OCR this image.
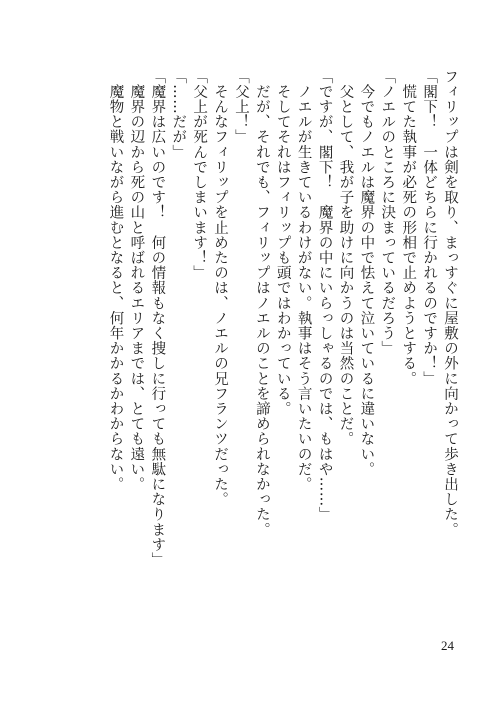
フィリップは剣を取り、まっすぐに屋敷の外に向かって歩き出した。
「閣下！　一体どちらに行かれるのですか！」
　慌てた執事が必死の形相で止めようとする。
「ノエルのところに決まっているだろう」
　今でもノエルは魔界の中で怯えて泣いているに違いない。
　父として、我が子を助けに向かうのは当然のことだ。
「ですが、閣下！　魔界の中にいらっしゃるのでは、もはや……」
　ノエルが生きているわけがない。執事はそう言いたいのだ。
　そしてそれはフィリップも頭ではわかっている。
　だが、それでも、フィリップはノエルのことを諦められなかった。
「父上！」
　そんなフィリップを止めたのは、ノエルの兄フランツだった。
「父上が死んでしまいます！」
「……だが」
「魔界は広いのです！　何の情報もなく捜しに行っても無駄になります」
　魔界の辺から死の山と呼ばれるエリアまでは、とても遠い。
　魔物と戦いながら進むとなると、何年かかるかわからない。
24
